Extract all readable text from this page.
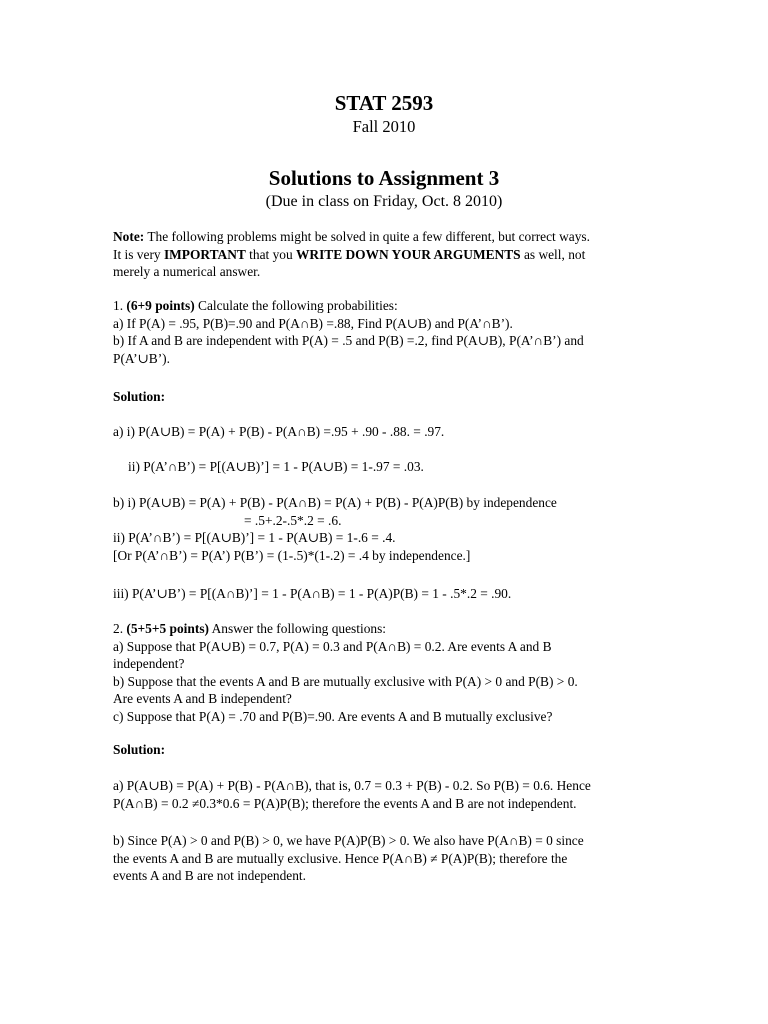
STAT 2593
Fall 2010
Solutions to Assignment 3
(Due in class on Friday, Oct. 8 2010)
Note: The following problems might be solved in quite a few different, but correct ways.
It is very IMPORTANT that you WRITE DOWN YOUR ARGUMENTS as well, not
merely a numerical answer.
1. (6+9 points) Calculate the following probabilities:
a) If P(A) = .95, P(B)=.90 and P(A∩B) =.88, Find P(A∪B) and P(A’∩B’).
b) If A and B are independent with P(A) = .5 and P(B) =.2, find P(A∪B), P(A’∩B’) and
P(A’∪B’).
Solution:
a) i) P(A∪B) = P(A) + P(B) - P(A∩B) =.95 + .90 - .88. = .97.
ii) P(A’∩B’) = P[(A∪B)’] = 1 - P(A∪B) = 1-.97 = .03.
b) i) P(A∪B) = P(A) + P(B) - P(A∩B) = P(A) + P(B) - P(A)P(B) by independence
= .5+.2-.5*.2 = .6.
ii) P(A’∩B’) = P[(A∪B)’] = 1 - P(A∪B) = 1-.6 = .4.
[Or P(A’∩B’) = P(A’) P(B’) = (1-.5)*(1-.2) = .4 by independence.]
iii) P(A’∪B’) = P[(A∩B)’] = 1 - P(A∩B) = 1 - P(A)P(B) = 1 - .5*.2 = .90.
2. (5+5+5 points) Answer the following questions:
a) Suppose that P(A∪B) = 0.7, P(A) = 0.3 and P(A∩B) = 0.2. Are events A and B
independent?
b) Suppose that the events A and B are mutually exclusive with P(A) > 0 and P(B) > 0.
Are events A and B independent?
c) Suppose that P(A) = .70 and P(B)=.90. Are events A and B mutually exclusive?
Solution:
a) P(A∪B) = P(A) + P(B) - P(A∩B), that is, 0.7 = 0.3 + P(B) - 0.2. So P(B) = 0.6. Hence
P(A∩B) = 0.2 ≠0.3*0.6 = P(A)P(B); therefore the events A and B are not independent.
b) Since P(A) > 0 and P(B) > 0, we have P(A)P(B) > 0. We also have P(A∩B) = 0 since
the events A and B are mutually exclusive. Hence P(A∩B) ≠ P(A)P(B); therefore the
events A and B are not independent.
